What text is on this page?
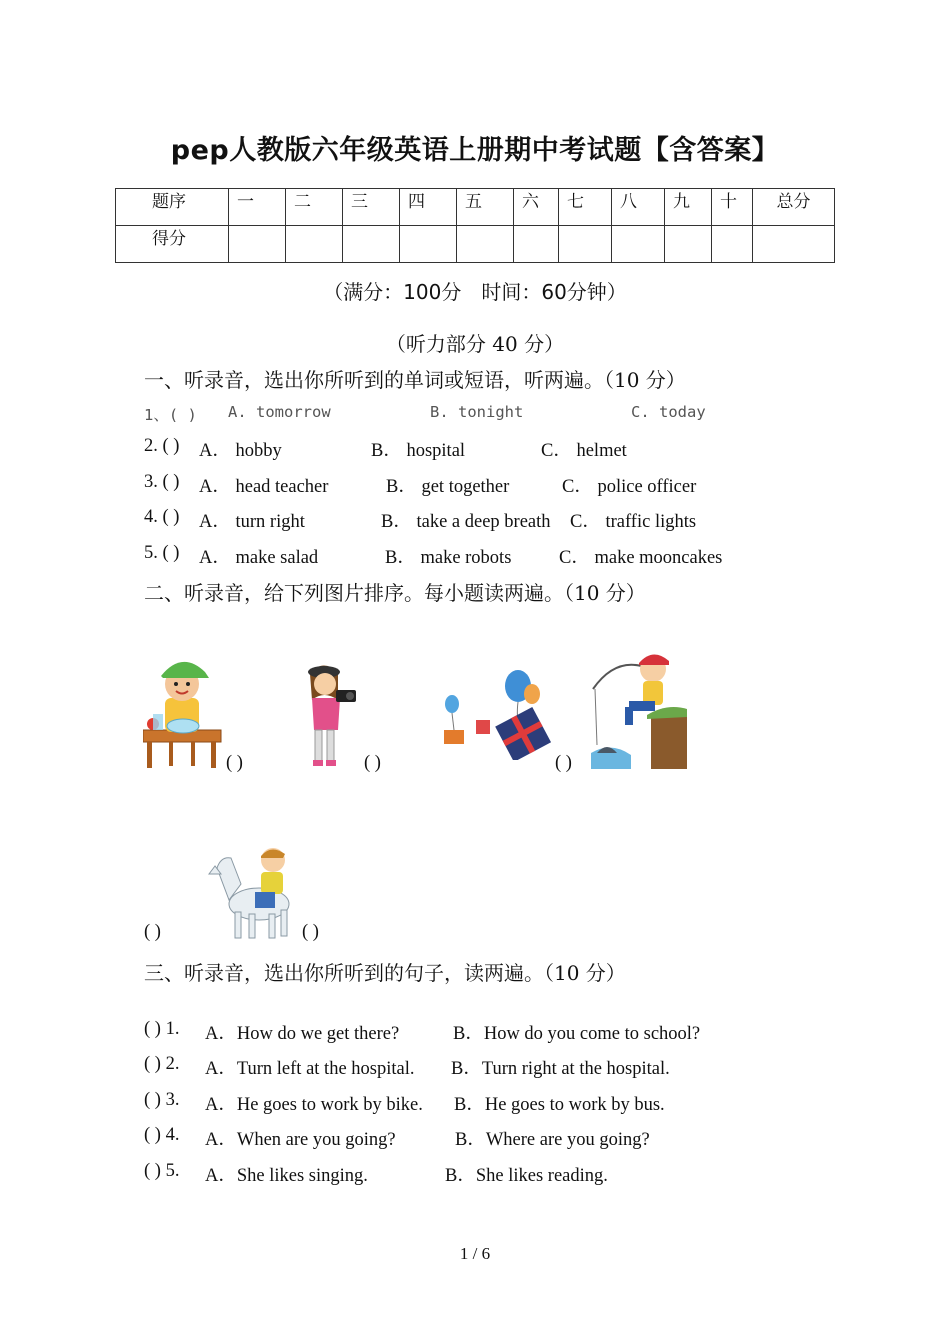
pep人教版六年级英语上册期中考试题【含答案】
题序	一	二	三	四	五	六	七	八	九	十	总分
得分											
（满分：100分　时间：60分钟）
（听力部分 40 分）
一、听录音，选出你所听到的单词或短语，听两遍。（10 分）
1、( ) A. tomorrow	B. tonight	C. today
2. ( ) A． hobby	B． hospital	C． helmet
3. ( ) A． head teacher	B． get together	C． police officer
4. ( ) A． turn right	B． take a deep breath C． traffic lights
5. ( ) A． make salad	B． make robots	C． make mooncakes
二、听录音，给下列图片排序。每小题读两遍。（10 分）
( )	( )	( )
( )	( )
三、听录音，选出你所听到的句子，读两遍。（10 分）
( ) 1. A．How do we get there?	B．How do you come to school?
( ) 2. A．Turn left at the hospital. B．Turn right at the hospital.
( ) 3. A．He goes to work by bike. B．He goes to work by bus.
( ) 4. A．When are you going?	B．Where are you going?
( ) 5. A．She likes singing.	B．She likes reading.
1 / 6
